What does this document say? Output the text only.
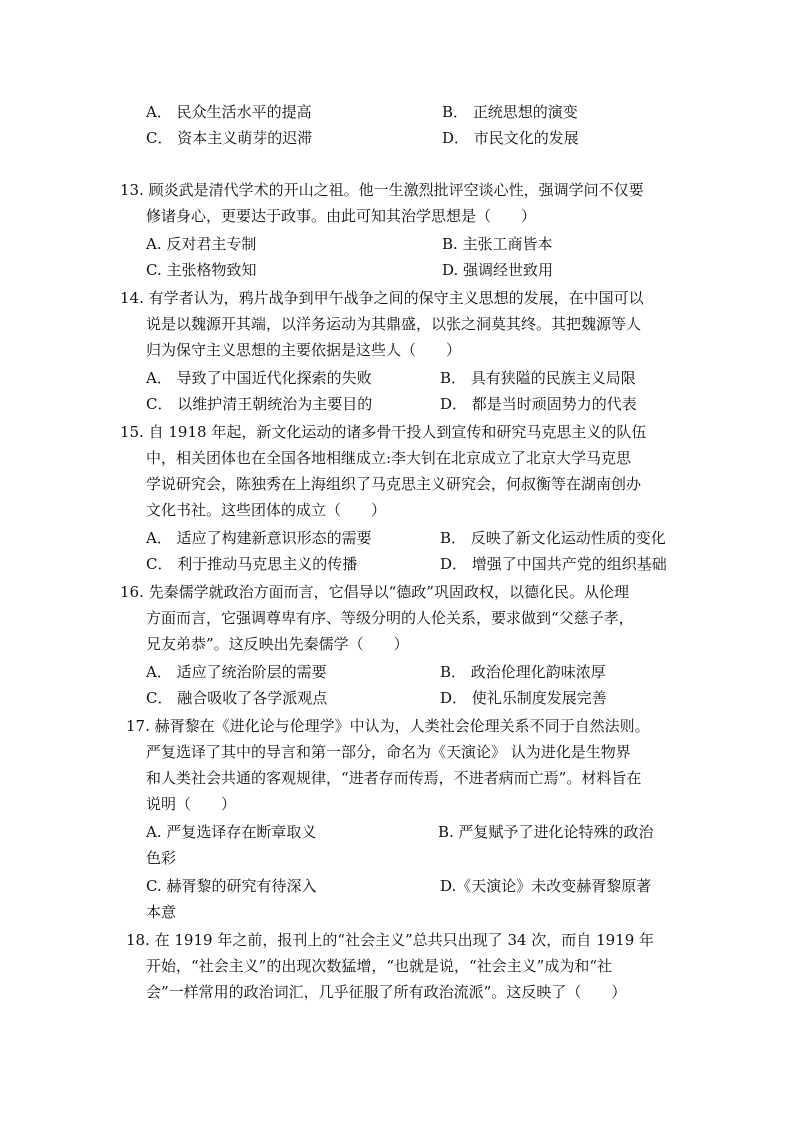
A． 民众生活水平的提高	B． 正统思想的演变
C． 资本主义萌芽的迟滞	D． 市民文化的发展
13. 顾炎武是清代学术的开山之祖。他一生激烈批评空谈心性，强调学问不仅要
修诸身心，更要达于政事。由此可知其治学思想是（　　）
A. 反对君主专制	B. 主张工商皆本
C. 主张格物致知	D. 强调经世致用
14. 有学者认为，鸦片战争到甲午战争之间的保守主义思想的发展，在中国可以
说是以魏源开其端，以洋务运动为其鼎盛，以张之洞莫其终。其把魏源等人
归为保守主义思想的主要依据是这些人（　　）
A． 导致了中国近代化探索的失败	B． 具有狭隘的民族主义局限
C． 以维护清王朝统治为主要目的	D． 都是当时顽固势力的代表
15. 自 1918 年起，新文化运动的诸多骨干投人到宣传和研究马克思主义的队伍
中，相关团体也在全国各地相继成立:李大钊在北京成立了北京大学马克思
学说研究会，陈独秀在上海组织了马克思主义研究会，何叔衡等在湖南创办
文化书社。这些团体的成立（　　）
A． 适应了构建新意识形态的需要	B． 反映了新文化运动性质的变化
C． 利于推动马克思主义的传播	D． 增强了中国共产党的组织基础
16. 先秦儒学就政治方面而言，它倡导以“德政”巩固政权，以德化民。从伦理
方面而言，它强调尊卑有序、等级分明的人伦关系，要求做到“父慈子孝，
兄友弟恭”。这反映出先秦儒学（　　）
A． 适应了统治阶层的需要	B． 政治伦理化韵味浓厚
C． 融合吸收了各学派观点	D． 使礼乐制度发展完善
17. 赫胥黎在《进化论与伦理学》中认为，人类社会伦理关系不同于自然法则。
严复选译了其中的导言和第一部分，命名为《天演论》 认为进化是生物界
和人类社会共通的客观规律，“进者存而传焉，不进者病而亡焉”。材料旨在
说明（　　）
A. 严复选译存在断章取义	B. 严复赋予了进化论特殊的政治
色彩
C. 赫胥黎的研究有待深入	D.《天演论》未改变赫胥黎原著
本意
18. 在 1919 年之前，报刊上的“社会主义”总共只出现了 34 次，而自 1919 年
开始，“社会主义”的出现次数猛增，“也就是说，“社会主义”成为和“社
会”一样常用的政治词汇，几乎征服了所有政治流派”。这反映了（　　）
